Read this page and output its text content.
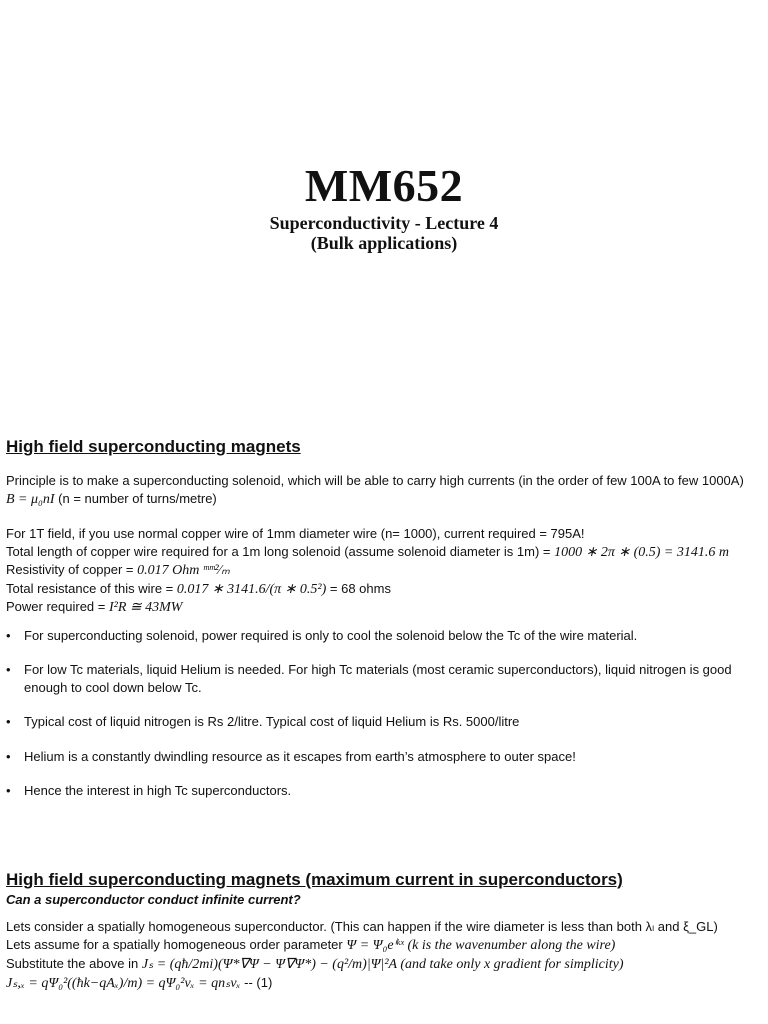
MM652
Superconductivity - Lecture 4
(Bulk applications)
High field superconducting magnets
Principle is to make a superconducting solenoid, which will be able to carry high currents (in the order of few 100A to few 1000A)
B = μ₀nI (n = number of turns/metre)
For 1T field, if you use normal copper wire of 1mm diameter wire (n= 1000), current required = 795A!
Total length of copper wire required for a 1m long solenoid (assume solenoid diameter is 1m) = 1000 ∗ 2π ∗ (0.5) = 3141.6 m
Resistivity of copper = 0.017 Ohm ᵐᵐ²⁄ₘ
Total resistance of this wire = 0.017 ∗ 3141.6/(π ∗ 0.5²) = 68 ohms
Power required = I²R ≅ 43MW
• For superconducting solenoid, power required is only to cool the solenoid below the Tc of the wire material.
• For low Tc materials, liquid Helium is needed. For high Tc materials (most ceramic superconductors), liquid nitrogen is good enough to cool down below Tc.
• Typical cost of liquid nitrogen is Rs 2/litre. Typical cost of liquid Helium is Rs. 5000/litre
• Helium is a constantly dwindling resource as it escapes from earth’s atmosphere to outer space!
• Hence the interest in high Tc superconductors.
High field superconducting magnets (maximum current in superconductors)
Can a superconductor conduct infinite current?
Lets consider a spatially homogeneous superconductor. (This can happen if the wire diameter is less than both λₗ and ξ_GL)
Lets assume for a spatially homogeneous order parameter Ψ = Ψ₀eⁱᵏˣ (k is the wavenumber along the wire)
Substitute the above in Jₛ = (qħ/2mi)(Ψ*∇Ψ − Ψ∇Ψ*) − (q²/m)|Ψ|²A (and take only x gradient for simplicity)
Jₛ,ₓ = qΨ₀²((ħk−qAₓ)/m) = qΨ₀²vₓ = qnₛvₓ -- (1)
